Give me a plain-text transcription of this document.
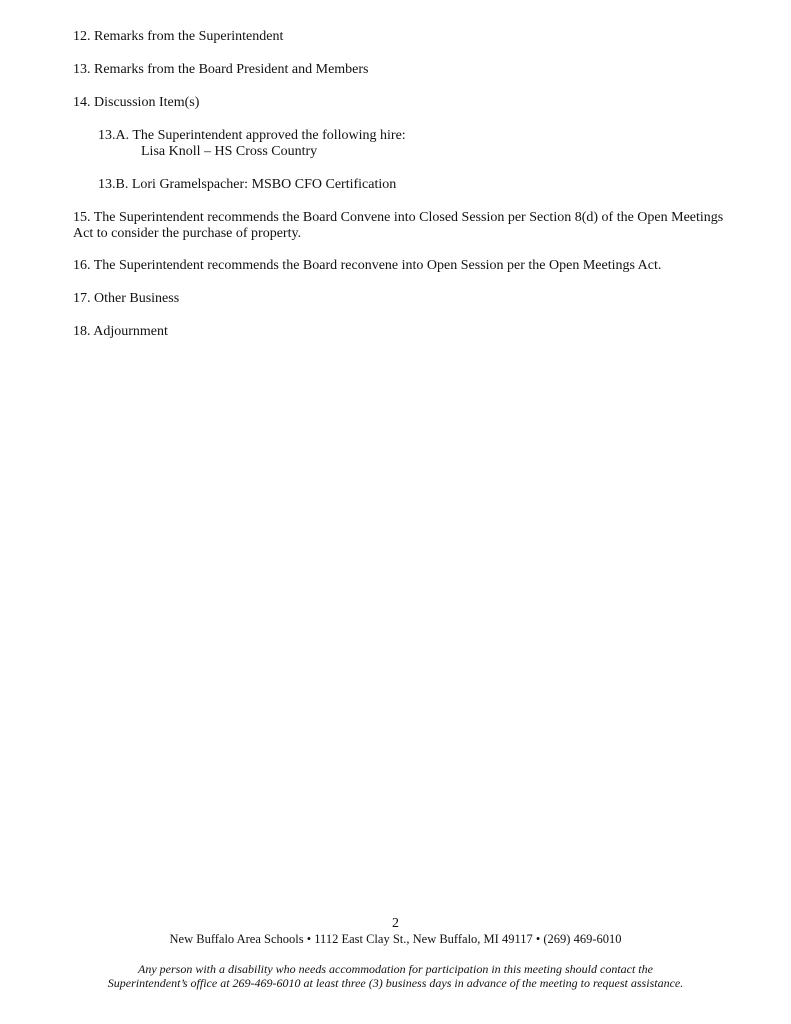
12. Remarks from the Superintendent
13. Remarks from the Board President and Members
14. Discussion Item(s)
13.A. The Superintendent approved the following hire:
Lisa Knoll – HS Cross Country
13.B. Lori Gramelspacher: MSBO CFO Certification
15. The Superintendent recommends the Board Convene into Closed Session per Section 8(d) of the Open Meetings
Act to consider the purchase of property.
16. The Superintendent recommends the Board reconvene into Open Session per the Open Meetings Act.
17. Other Business
18. Adjournment
2
New Buffalo Area Schools • 1112 East Clay St., New Buffalo, MI 49117 • (269) 469-6010
Any person with a disability who needs accommodation for participation in this meeting should contact the
Superintendent’s office at 269-469-6010 at least three (3) business days in advance of the meeting to request assistance.
